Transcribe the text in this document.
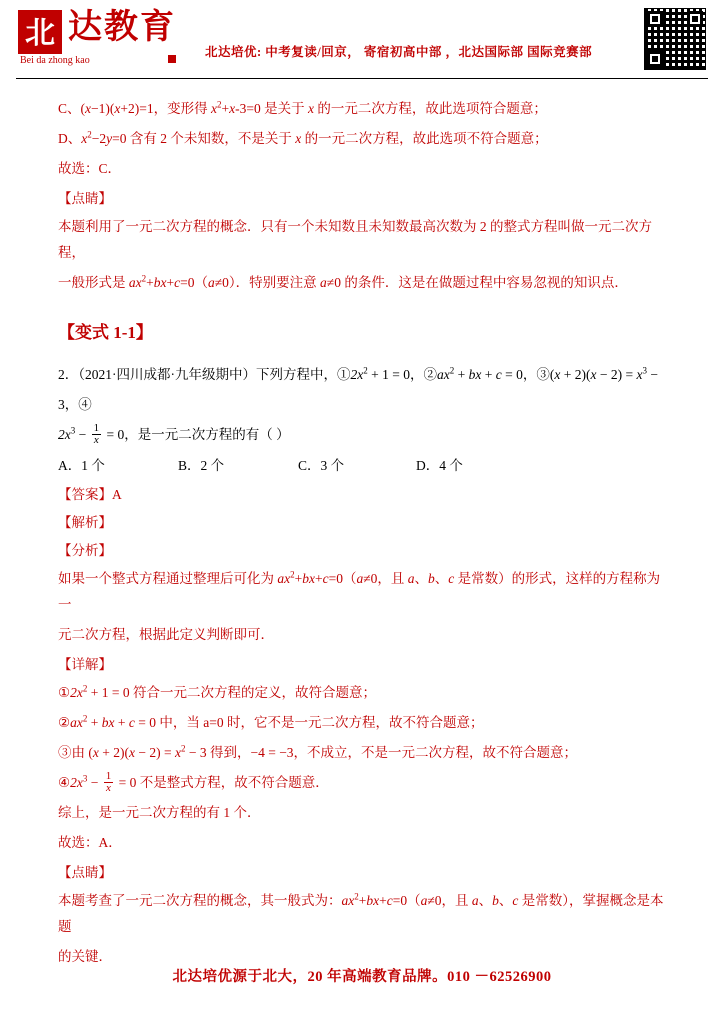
北 达教育
Bei da zhong kao
北达培优: 中考复读/回京， 寄宿初高中部 ，北达国际部 国际竞赛部

C、(x−1)(x+2)=1，变形得 $x^2+x-3=0$ 是关于 x 的一元二次方程，故此选项符合题意；

D、$x^2-2y=0$ 含有 2 个未知数，不是关于 x 的一元二次方程，故此选项不符合题意；

故选：C．

【点睛】

本题利用了一元二次方程的概念．只有一个未知数且未知数最高次数为 2 的整式方程叫做一元二次方程，

一般形式是 $ax^2+bx+c=0(a\ne 0)$．特别要注意 a≠0 的条件．这是在做题过程中容易忽视的知识点．

【变式 1-1】

2．（2021·四川成都·九年级期中）下列方程中，$①2x^2 + 1 = 0$，$②ax^2$ + bx + c = 0，③(x + $2)(x - 2) = x^3 - 3$，④

$2x^3 - \frac{1}{x} = 0$，是一元二次方程的有（ ）

A．1 个	B．2 个	C．3 个	D．4 个

【答案】A

【解析】

【分析】

如果一个整式方程通过整理后可化为 $ax^2+bx+c=0(a\ne 0$，且 a、b、c 是常数）的形式，这样的方程称为一

元二次方程，根据此定义判断即可．

【详解】

$①2x^2 + 1 = 0$ 符合一元二次方程的定义，故符合题意；

$②ax^2$ + bx + c = 0 中，当 a=0 时，它不是一元二次方程，故不符合题意；

③由 $(x + 2)(x - 2) = x^2 - 3$ 得到，−4 = −3，不成立，不是一元二次方程，故不符合题意；

$④2x^3 - \frac{1}{x} = 0$ 不是整式方程，故不符合题意．

综上，是一元二次方程的有 1 个．

故选：A．

【点睛】

本题考查了一元二次方程的概念，其一般式为：$ax^2+bx+c=0(a\ne 0$，且 a、b、c 是常数），掌握概念是本题

的关键．

北达培优源于北大，20 年高端教育品牌。010 －62526900
